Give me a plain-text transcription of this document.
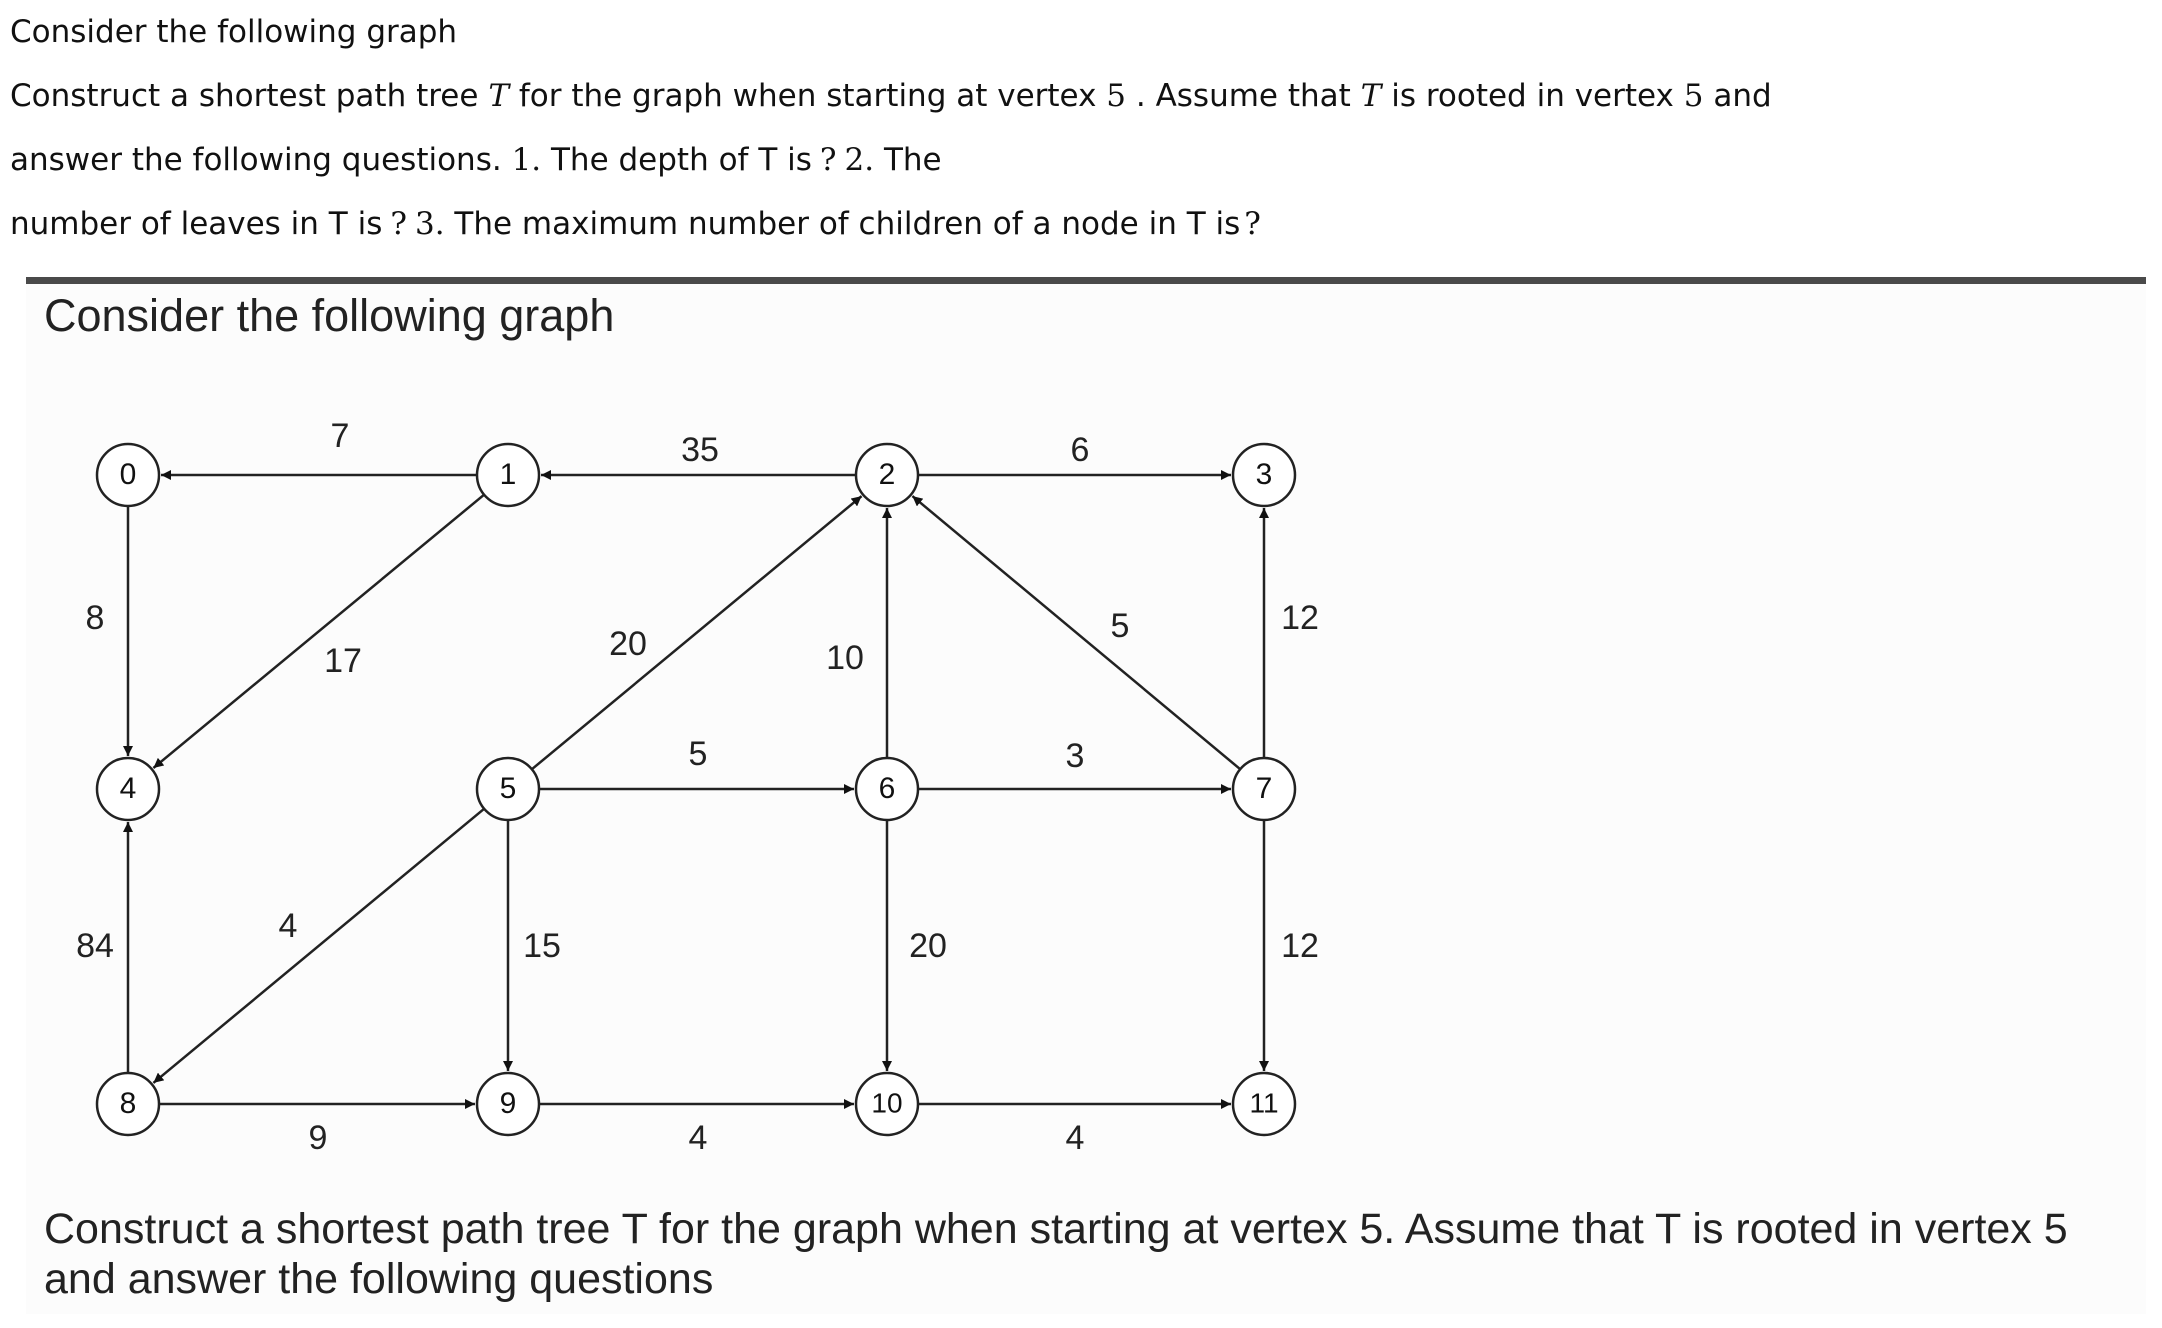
Consider the following graph
Construct a shortest path tree T for the graph when starting at vertex 5 . Assume that T is rooted in vertex 5 and
answer the following questions. 1. The depth of T is ? 2. The
number of leaves in T is ? 3. The maximum number of children of a node in T is ?
Consider the following graph
Construct a shortest path tree T for the graph when starting at vertex 5. Assume that T is rooted in vertex 5 and answer the following questions
7	35	6
8
17	20	10
5	12
5	3
84
4
15	20	12
9	4	4
0	1	2	3
4	5	6	7
8	9	10	11
